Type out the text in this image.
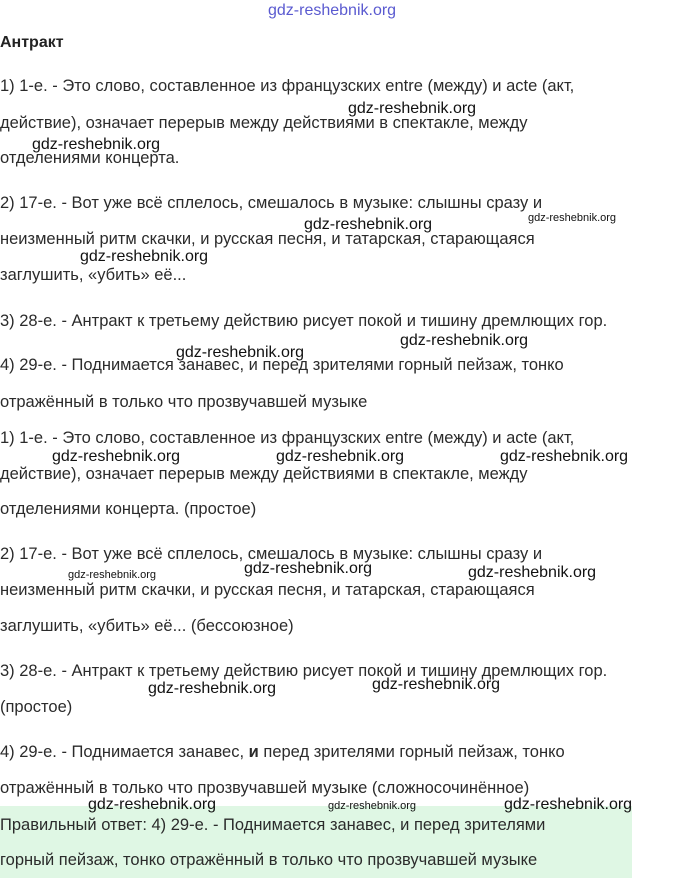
gdz-reshebnik.org
Антракт
1) 1-е. - Это слово, составленное из французских entre (между) и acte (акт,
действие), означает перерыв между действиями в спектакле, между
отделениями концерта.
2) 17-е. - Вот уже всё сплелось, смешалось в музыке: слышны сразу и
неизменный ритм скачки, и русская песня, и татарская, старающаяся
заглушить, «убить» её...
3) 28-е. - Антракт к третьему действию рисует покой и тишину дремлющих гор.
4) 29-е. - Поднимается занавес, и перед зрителями горный пейзаж, тонко
отражённый в только что прозвучавшей музыке
1) 1-е. - Это слово, составленное из французских entre (между) и acte (акт,
действие), означает перерыв между действиями в спектакле, между
отделениями концерта. (простое)
2) 17-е. - Вот уже всё сплелось, смешалось в музыке: слышны сразу и
неизменный ритм скачки, и русская песня, и татарская, старающаяся
заглушить, «убить» её... (бессоюзное)
3) 28-е. - Антракт к третьему действию рисует покой и тишину дремлющих гор.
(простое)
4) 29-е. - Поднимается занавес, и перед зрителями горный пейзаж, тонко
отражённый в только что прозвучавшей музыке (сложносочинённое)
Правильный ответ: 4) 29-е. - Поднимается занавес, и перед зрителями
горный пейзаж, тонко отражённый в только что прозвучавшей музыке
gdz-reshebnik.org
gdz-reshebnik.org
gdz-reshebnik.org	gdz-reshebnik.org
gdz-reshebnik.org
gdz-reshebnik.org
gdz-reshebnik.org
gdz-reshebnik.org	gdz-reshebnik.org	gdz-reshebnik.org
gdz-reshebnik.org	gdz-reshebnik.org	gdz-reshebnik.org
gdz-reshebnik.org
gdz-reshebnik.org
gdz-reshebnik.org	gdz-reshebnik.org	gdz-reshebnik.org
